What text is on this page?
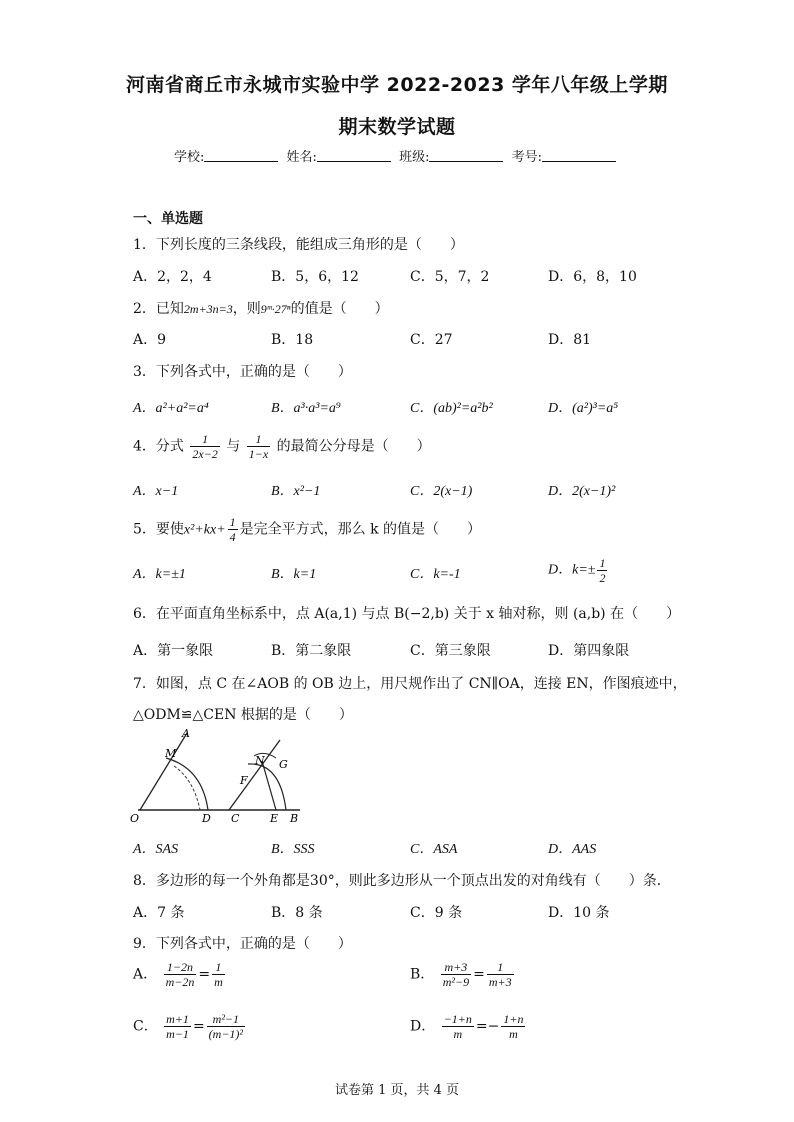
河南省商丘市永城市实验中学 2022-2023 学年八年级上学期
期末数学试题
学校:	姓名:	班级:	考号:
一、单选题
1．下列长度的三条线段，能组成三角形的是（　　）
A．2，2，4	B．5，6，12	C．5，7，2	D．6，8，10
2．已知2m+3n=3，则9ᵐ·27ⁿ的值是（　　）
A．9	B．18	C．27	D．81
3．下列各式中，正确的是（　　）
A．a²+a²=a⁴	B．a³·a³=a⁹	C．(ab)²=a²b²	D．(a²)³=a⁵
4．分式 $\frac{1}{2x-2}$ 与 $\frac{1}{1-x}$ 的最简公分母是（　　）
A．x−1	B．x²−1	C．2(x−1)	D．2(x−1)²
5．要使$x^2+kx+ \frac{1}{4}$ 是完全平方式，那么 k 的值是（　　）
A．k=±1	B．k=1	C．k=-1	D．$k=\pm \frac{1}{2}$
6．在平面直角坐标系中，点 A(a,1) 与点 B(−2,b) 关于 x 轴对称，则 (a,b) 在（　　）
A．第一象限	B．第二象限	C．第三象限	D．第四象限
7．如图，点 C 在∠AOB 的 OB 边上，用尺规作出了 CN∥OA，连接 EN，作图痕迹中，
△ODM≌△CEN 根据的是（　　）
A
M
N G
F
O	D C	E B
A．SAS	B．SSS	C．ASA	D．AAS
8．多边形的每一个外角都是30°，则此多边形从一个顶点出发的对角线有（　　）条．
A．7 条	B．8 条	C．9 条	D．10 条
9．下列各式中，正确的是（　　）
A． $\frac{1-2n}{m-2n} = \frac{1}{m}$	B． $\frac{m+3}{\text{m²−9}} = \frac{1}{m+3}$
C． $\frac{m+1}{m-1} = \frac{\text{m²−1}}{\text{(m−1)²}}$	D． $\frac{-1+n}{m} =- \frac{1+n}{m}$
试卷第 1 页，共 4 页
